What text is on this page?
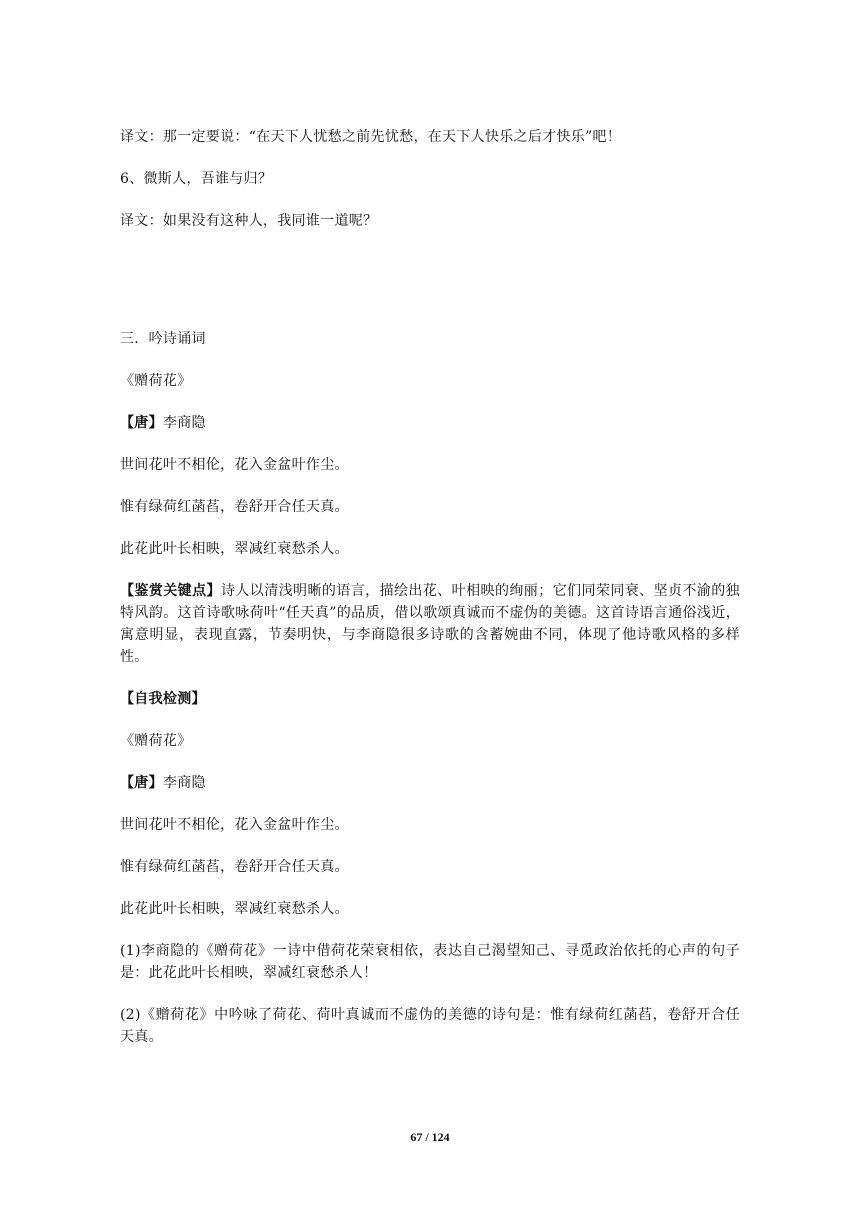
译文：那一定要说：“在天下人忧愁之前先忧愁，在天下人快乐之后才快乐”吧！

6、微斯人，吾谁与归？

译文：如果没有这种人，我同谁一道呢？

三．吟诗诵词

《赠荷花》

【唐】李商隐

世间花叶不相伦，花入金盆叶作尘。

惟有绿荷红菡萏，卷舒开合任天真。

此花此叶长相映，翠减红衰愁杀人。

【鉴赏关键点】诗人以清浅明晰的语言，描绘出花、叶相映的绚丽；它们同荣同衰、坚贞不渝的独特风韵。这首诗歌咏荷叶“任天真”的品质，借以歌颂真诚而不虚伪的美德。这首诗语言通俗浅近，寓意明显，表现直露，节奏明快，与李商隐很多诗歌的含蓄婉曲不同，体现了他诗歌风格的多样性。

【自我检测】

《赠荷花》

【唐】李商隐

世间花叶不相伦，花入金盆叶作尘。

惟有绿荷红菡萏，卷舒开合任天真。

此花此叶长相映，翠减红衰愁杀人。

(1)李商隐的《赠荷花》一诗中借荷花荣衰相依，表达自己渴望知己、寻觅政治依托的心声的句子是：此花此叶长相映，翠减红衰愁杀人！

(2)《赠荷花》中吟咏了荷花、荷叶真诚而不虚伪的美德的诗句是：惟有绿荷红菡萏，卷舒开合任天真。

67 / 124
